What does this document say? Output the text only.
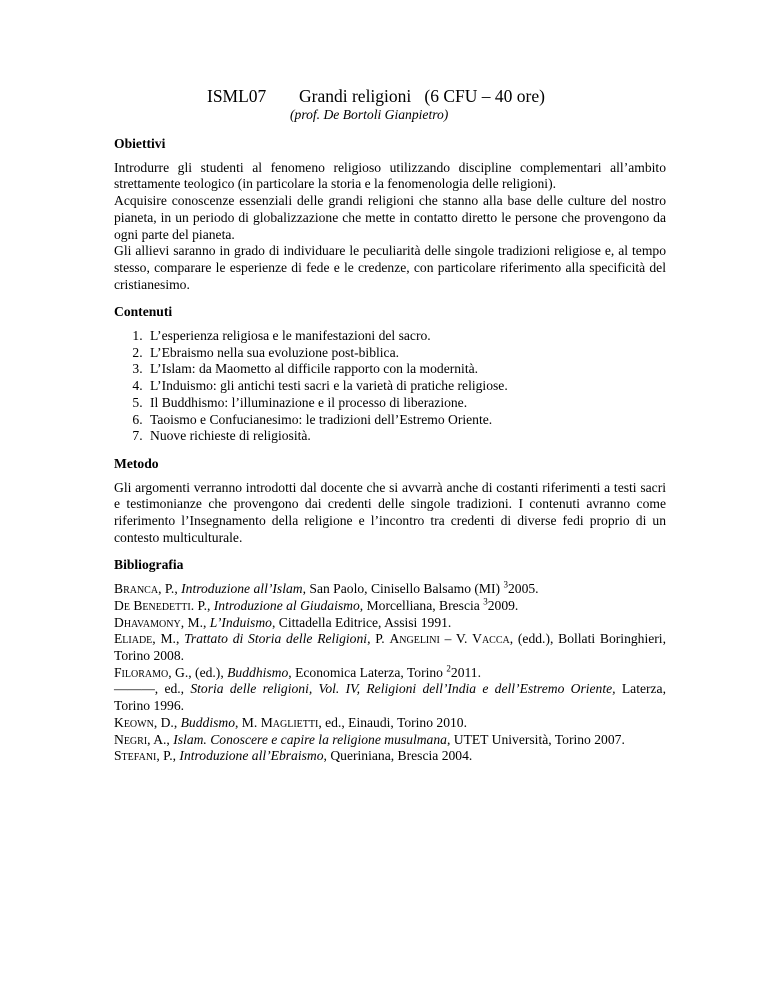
ISML07 Grandi religioni   (6 CFU – 40 ore)
(prof. De Bortoli Gianpietro)
Obiettivi

Introdurre gli studenti al fenomeno religioso utilizzando discipline complementari all’ambito strettamente teologico (in particolare la storia e la fenomenologia delle religioni).

Acquisire conoscenze essenziali delle grandi religioni che stanno alla base delle culture del nostro pianeta, in un periodo di globalizzazione che mette in contatto diretto le persone che provengono da ogni parte del pianeta.

Gli allievi saranno in grado di individuare le peculiarità delle singole tradizioni religiose e, al tempo stesso, comparare le esperienze di fede e le credenze, con particolare riferimento alla specificità del cristianesimo.

Contenuti
1. L’esperienza religiosa e le manifestazioni del sacro.
2. L’Ebraismo nella sua evoluzione post-biblica.
3. L’Islam: da Maometto al difficile rapporto con la modernità.
4. L’Induismo: gli antichi testi sacri e la varietà di pratiche religiose.
5. Il Buddhismo: l’illuminazione e il processo di liberazione.
6. Taoismo e Confucianesimo: le tradizioni dell’Estremo Oriente.
7. Nuove richieste di religiosità.
Metodo

Gli argomenti verranno introdotti dal docente che si avvarrà anche di costanti riferimenti a testi sacri e testimonianze che provengono dai credenti delle singole tradizioni. I contenuti avranno come riferimento l’Insegnamento della religione e l’incontro tra credenti di diverse fedi proprio di un contesto multiculturale.

Bibliografia

Branca, P., Introduzione all’Islam, San Paolo, Cinisello Balsamo (MI) $^3$2005.

De Benedetti. P., Introduzione al Giudaismo, Morcelliana, Brescia $^3$2009.

Dhavamony, M., L’Induismo, Cittadella Editrice, Assisi 1991.

Eliade, M., Trattato di Storia delle Religioni, P. Angelini – V. Vacca, (edd.), Bollati Boringhieri, Torino 2008.

Filoramo, G., (ed.), Buddhismo, Economica Laterza, Torino $^2$2011.

———, ed., Storia delle religioni, Vol. IV, Religioni dell’India e dell’Estremo Oriente, Laterza, Torino 1996.

Keown, D., Buddismo, M. Maglietti, ed., Einaudi, Torino 2010.

Negri, A., Islam. Conoscere e capire la religione musulmana, UTET Università, Torino 2007.

Stefani, P., Introduzione all’Ebraismo, Queriniana, Brescia 2004.
